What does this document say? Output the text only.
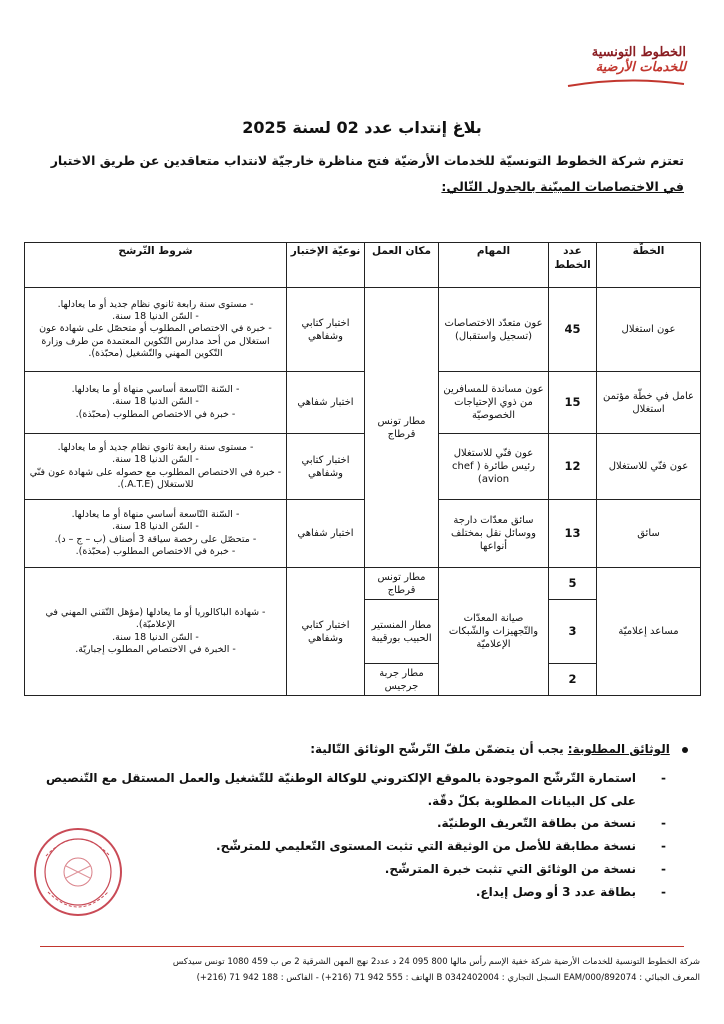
الخطوط التونسية
للخدمات الأرضية
بلاغ إنتداب عدد 02 لسنة 2025
تعتزم شركة الخطوط التونسيّة للخدمات الأرضيّة فتح مناظرة خارجيّة لانتداب متعاقدين عن طريق الاختبار
في الاختصاصات المبيّنة بالجدول التّالي:
الخطّة	عدد الخطط	المهام	مكان العمل	نوعيّة الإختبار	شروط التّرشح
عون استغلال	45	عون متعدّد الاختصاصات (تسجيل واستقبال)	مطار تونس قرطاج	اختبار كتابي وشفاهي	- مستوى سنة رابعة ثانوي نظام جديد أو ما يعادلها.
- السّن الدنيا 18 سنة.
- خبرة في الاختصاص المطلوب أو متحصّل على شهادة عون استغلال من أحد مدارس التّكوين المعتمدة من طرف وزارة التّكوين المهني والتّشغيل (محبّذة).

عامل في خطّة مؤتمن استغلال	15	عون مساندة للمسافرين من ذوي الإحتياجات الخصوصيّة		اختبار شفاهي	- السّنة التّاسعة أساسي منهاة أو ما يعادلها.
- السّن الدنيا 18 سنة.
- خبرة في الاختصاص المطلوب (محبّذة).

عون فنّي للاستغلال	12	عون فنّي للاستغلال رئيس طائرة ( chef avion)		اختبار كتابي وشفاهي	- مستوى سنة رابعة ثانوي نظام جديد أو ما يعادلها.
- السّن الدنيا 18 سنة.
- خبرة في الاختصاص المطلوب مع حصوله على شهادة عون فنّي للاستغلال (A.T.E.).

سائق	13	سائق معدّات دارجة ووسائل نقل بمختلف أنواعها		اختبار شفاهي	- السّنة التّاسعة أساسي منهاة أو ما يعادلها.
- السّن الدنيا 18 سنة.
- متحصّل على رخصة سياقة 3 أصناف (ب – ج – د).
- خبرة في الاختصاص المطلوب (محبّذة).

مساعد إعلاميّة	5	صيانة المعدّات والتّجهيزات والشّبكات الإعلاميّة	مطار تونس قرطاج	اختبار كتابي وشفاهي	- شهادة الباكالوريا أو ما يعادلها (مؤهل التّقني المهني في الإعلاميّة).
- السّن الدنيا 18 سنة.
- الخبرة في الاختصاص المطلوب إجباريّة.

	3		مطار المنستير الحبيب بورقيبة		
	2		مطار جربة جرجيس		
الوثائق المطلوبة: يجب أن يتضمّن ملفّ التّرشّح الوثائق التّالية:
- استمارة التّرشّح الموجودة بالموقع الإلكتروني للوكالة الوطنيّة للتّشغيل والعمل المستقل مع التّنصيص على كل البيانات المطلوبة بكلّ دقّة.
- نسخة من بطاقة التّعريف الوطنيّة.
- نسخة مطابقة للأصل من الوثيقة التي تثبت المستوى التّعليمي للمترشّح.
- نسخة من الوثائق التي تثبت خبرة المترشّح.
- بطاقة عدد 3 أو وصل إيداع.
شركة الخطوط التونسية للخدمات الأرضية شركة خفية الإسم رأس مالها 800 095 24 د عدد2 نهج المهن الشرقية 2 ص ب 459 1080 تونس سيدكس
المعرف الجبائي : 892074/EAM/000 السجل التجاري : B 0342402004 الهاتف : 555 942 71 (216+) - الفاكس : 188 942 71 (216+)
